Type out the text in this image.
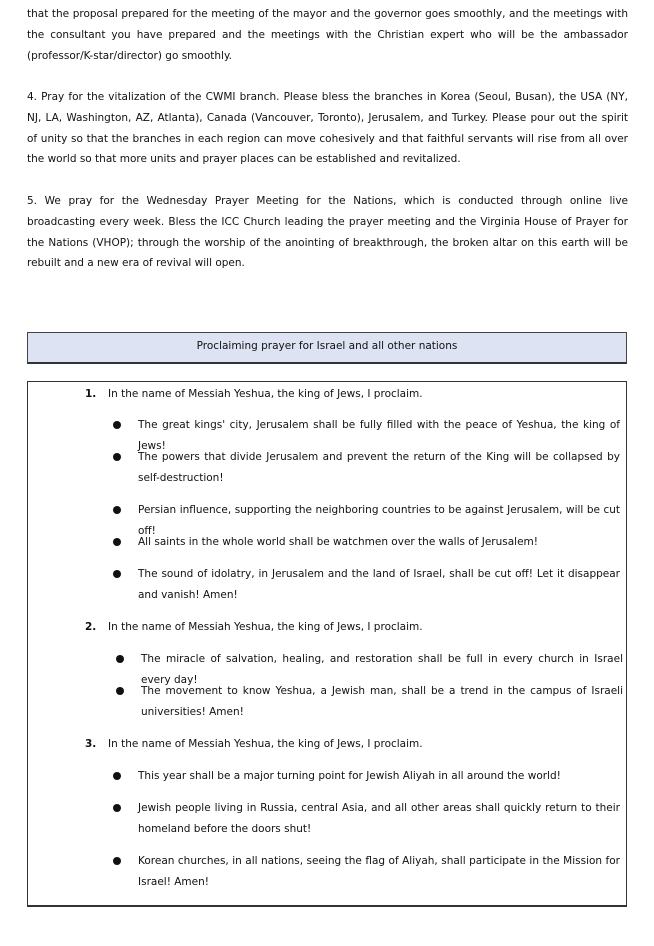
that the proposal prepared for the meeting of the mayor and the governor goes smoothly, and the meetings with the consultant you have prepared and the meetings with the Christian expert who will be the ambassador (professor/K-star/director) go smoothly.

4. Pray for the vitalization of the CWMI branch. Please bless the branches in Korea (Seoul, Busan), the USA (NY, NJ, LA, Washington, AZ, Atlanta), Canada (Vancouver, Toronto), Jerusalem, and Turkey. Please pour out the spirit of unity so that the branches in each region can move cohesively and that faithful servants will rise from all over the world so that more units and prayer places can be established and revitalized.

5. We pray for the Wednesday Prayer Meeting for the Nations, which is conducted through online live broadcasting every week. Bless the ICC Church leading the prayer meeting and the Virginia House of Prayer for the Nations (VHOP); through the worship of the anointing of breakthrough, the broken altar on this earth will be rebuilt and a new era of revival will open.

Proclaiming prayer for Israel and all other nations
1. In the name of Messiah Yeshua, the king of Jews, I proclaim.
The great kings' city, Jerusalem shall be fully filled with the peace of Yeshua, the king of Jews!
The powers that divide Jerusalem and prevent the return of the King will be collapsed by self-destruction!
Persian influence, supporting the neighboring countries to be against Jerusalem, will be cut off!
All saints in the whole world shall be watchmen over the walls of Jerusalem!
The sound of idolatry, in Jerusalem and the land of Israel, shall be cut off! Let it disappear and vanish! Amen!
2. In the name of Messiah Yeshua, the king of Jews, I proclaim.
The miracle of salvation, healing, and restoration shall be full in every church in Israel every day!
The movement to know Yeshua, a Jewish man, shall be a trend in the campus of Israeli universities! Amen!
3. In the name of Messiah Yeshua, the king of Jews, I proclaim.
This year shall be a major turning point for Jewish Aliyah in all around the world!
Jewish people living in Russia, central Asia, and all other areas shall quickly return to their homeland before the doors shut!
Korean churches, in all nations, seeing the flag of Aliyah, shall participate in the Mission for Israel! Amen!
